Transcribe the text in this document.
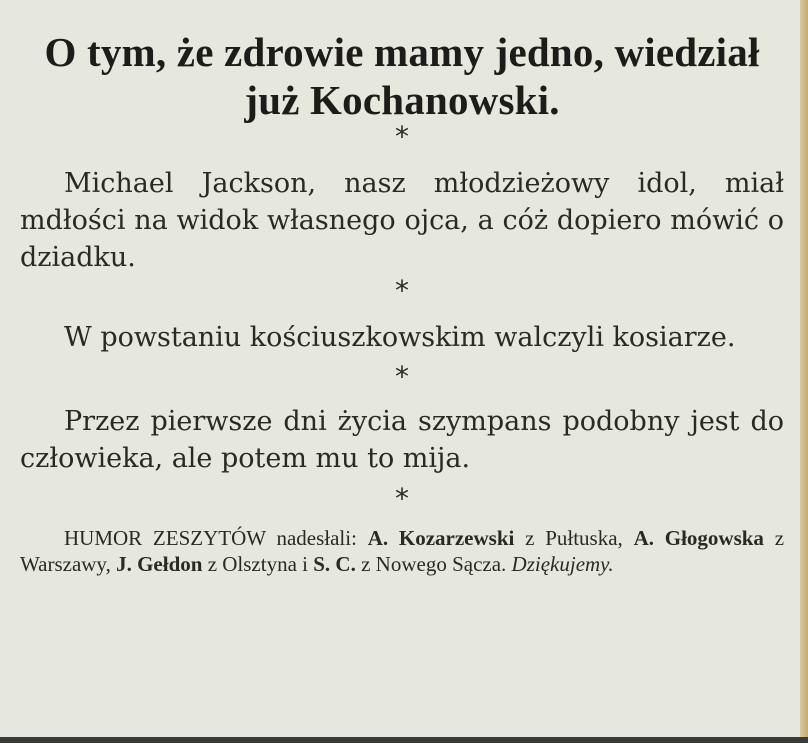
O tym, że zdrowie mamy jedno, wiedział już Kochanowski.
*

Michael Jackson, nasz młodzieżowy idol, miał mdłości na widok własnego ojca, a cóż dopiero mówić o dziadku.

*

W powstaniu kościuszkowskim walczyli kosiarze.

*

Przez pierwsze dni życia szympans podobny jest do człowieka, ale potem mu to mija.

*

HUMOR ZESZYTÓW nadesłali: A. Kozarzewski z Pułtuska, A. Głogowska z Warszawy, J. Gełdon z Olsztyna i S. C. z Nowego Sącza. Dziękujemy.
